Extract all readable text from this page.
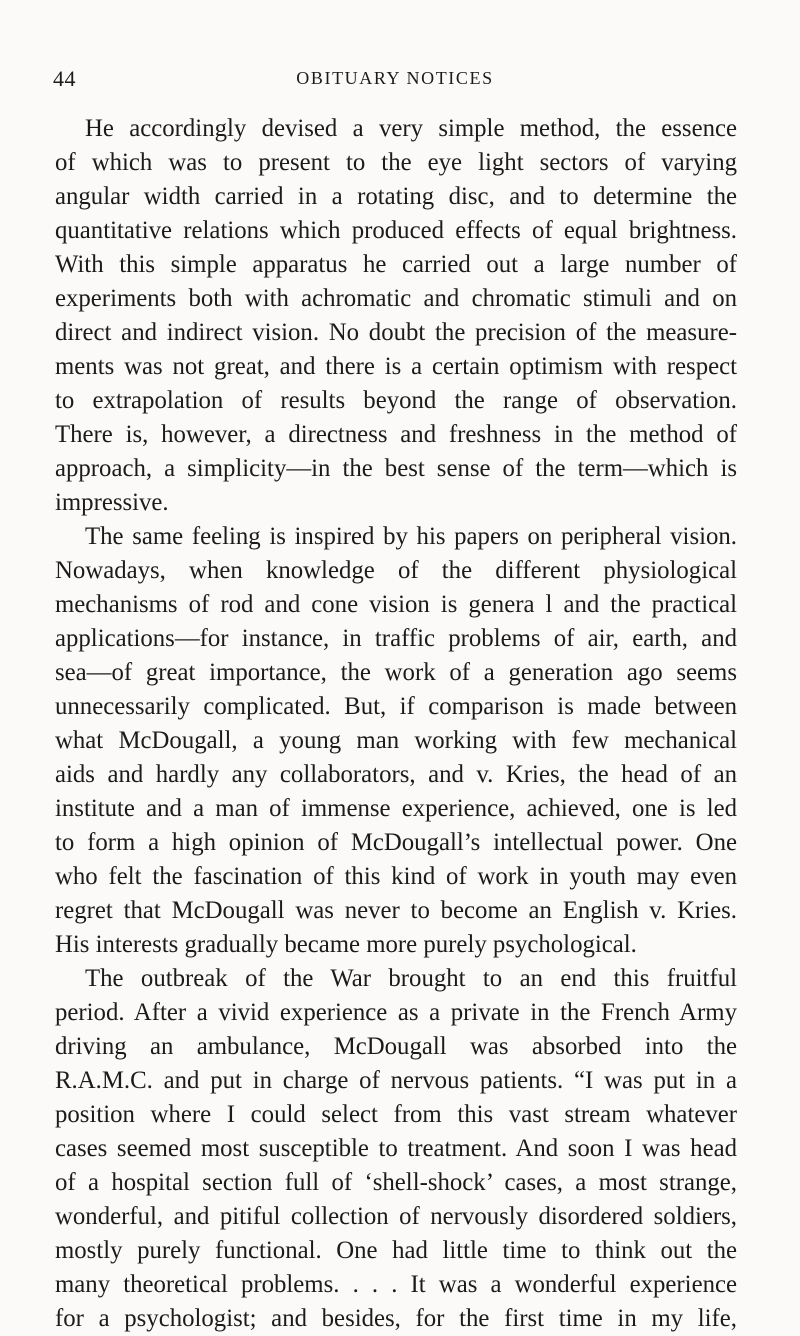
44	OBITUARY NOTICES
He accordingly devised a very simple method, the essence
of which was to present to the eye light sectors of varying
angular width carried in a rotating disc, and to determine the
quantitative relations which produced effects of equal brightness.
With this simple apparatus he carried out a large number of
experiments both with achromatic and chromatic stimuli and on
direct and indirect vision. No doubt the precision of the measure-
ments was not great, and there is a certain optimism with respect
to extrapolation of results beyond the range of observation.
There is, however, a directness and freshness in the method of
approach, a simplicity—in the best sense of the term—which is
impressive.
The same feeling is inspired by his papers on peripheral vision.
Nowadays, when knowledge of the different physiological
mechanisms of rod and cone vision is genera l and the practical
applications—for instance, in traffic problems of air, earth, and
sea—of great importance, the work of a generation ago seems
unnecessarily complicated. But, if comparison is made between
what McDougall, a young man working with few mechanical
aids and hardly any collaborators, and v. Kries, the head of an
institute and a man of immense experience, achieved, one is led
to form a high opinion of McDougall’s intellectual power. One
who felt the fascination of this kind of work in youth may even
regret that McDougall was never to become an English v. Kries.
His interests gradually became more purely psychological.
The outbreak of the War brought to an end this fruitful
period. After a vivid experience as a private in the French Army
driving an ambulance, McDougall was absorbed into the
R.A.M.C. and put in charge of nervous patients. “I was put in a
position where I could select from this vast stream whatever
cases seemed most susceptible to treatment. And soon I was head
of a hospital section full of ‘shell-shock’ cases, a most strange,
wonderful, and pitiful collection of nervously disordered soldiers,
mostly purely functional. One had little time to think out the
many theoretical problems. . . . It was a wonderful experience
for a psychologist; and besides, for the first time in my life,
